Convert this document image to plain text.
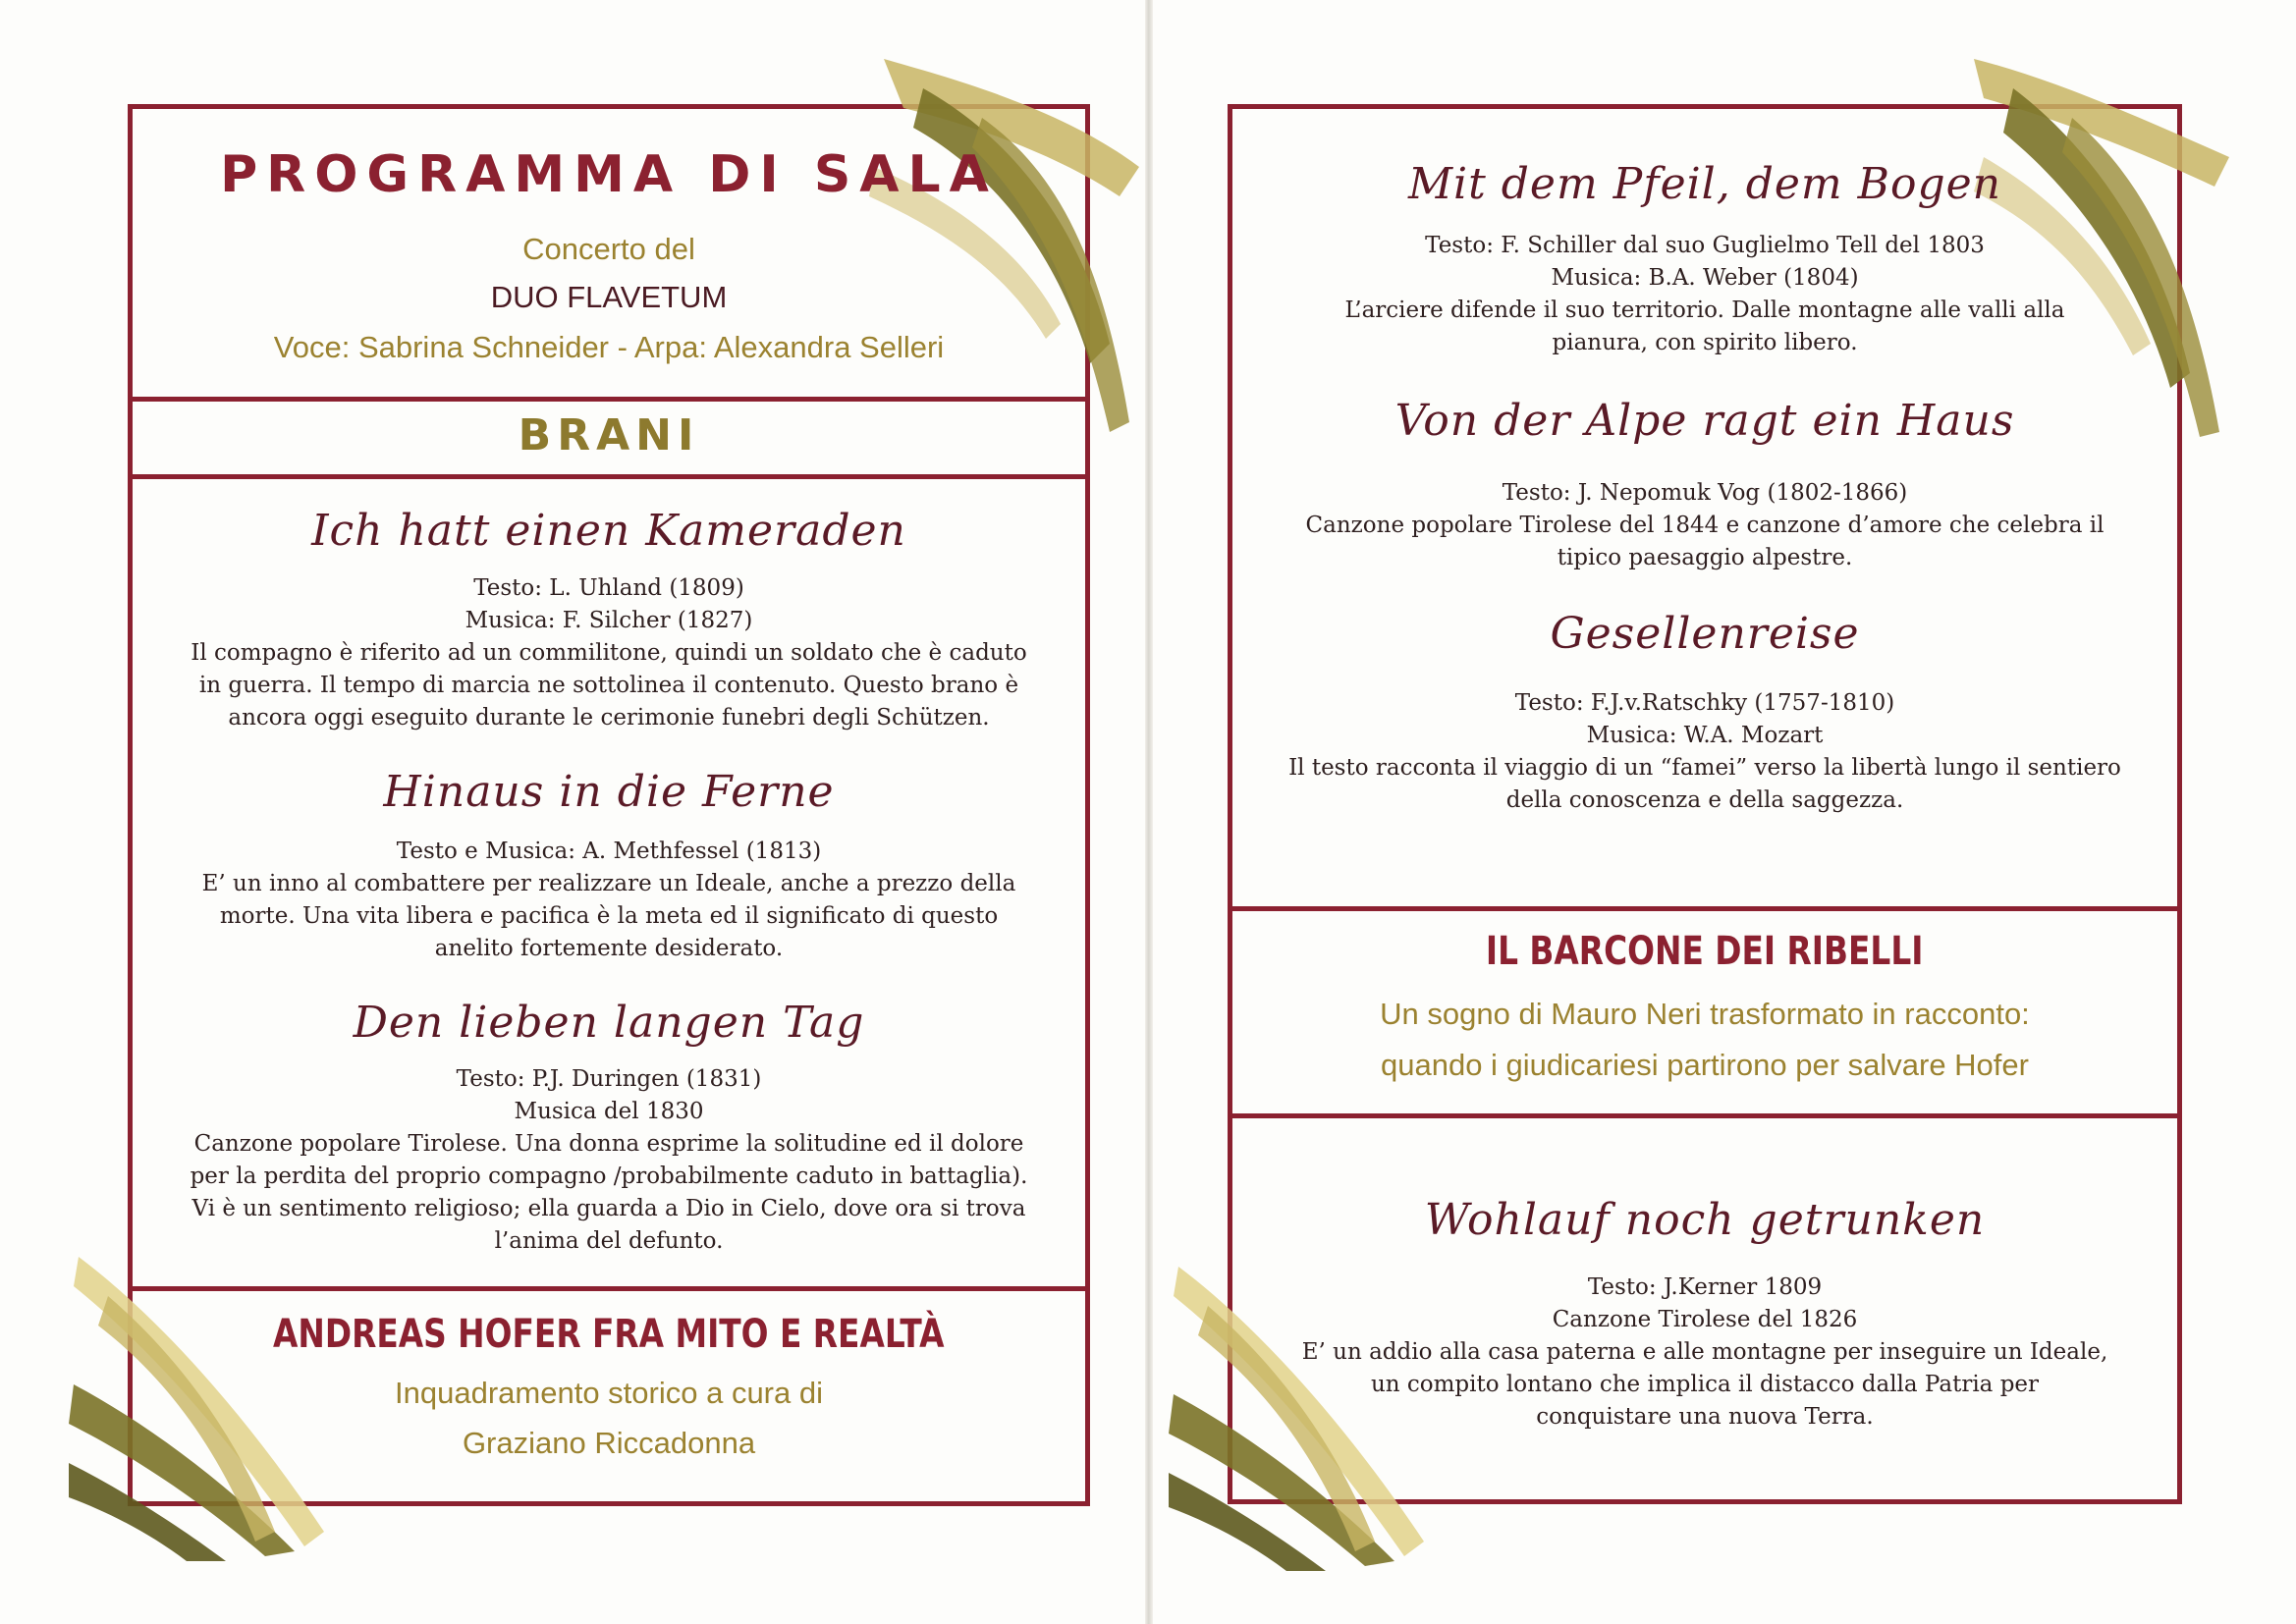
PROGRAMMA DI SALA
Concerto del
DUO FLAVETUM
Voce: Sabrina Schneider - Arpa: Alexandra Selleri
BRANI
Ich hatt einen Kameraden
Testo: L. Uhland (1809)
Musica: F. Silcher (1827)
Il compagno è riferito ad un commilitone, quindi un soldato che è caduto
in guerra. Il tempo di marcia ne sottolinea il contenuto. Questo brano è
ancora oggi eseguito durante le cerimonie funebri degli Schützen.
Hinaus in die Ferne
Testo e Musica: A. Methfessel (1813)
E’ un inno al combattere per realizzare un Ideale, anche a prezzo della
morte. Una vita libera e pacifica è la meta ed il significato di questo
anelito fortemente desiderato.
Den lieben langen Tag
Testo: P.J. Duringen (1831)
Musica del 1830
Canzone popolare Tirolese. Una donna esprime la solitudine ed il dolore
per la perdita del proprio compagno /probabilmente caduto in battaglia).
Vi è un sentimento religioso; ella guarda a Dio in Cielo, dove ora si trova
l’anima del defunto.
ANDREAS HOFER FRA MITO E REALTÀ
Inquadramento storico a cura di
Graziano Riccadonna
Mit dem Pfeil, dem Bogen
Testo: F. Schiller dal suo Guglielmo Tell del 1803
Musica: B.A. Weber (1804)
L’arciere difende il suo territorio. Dalle montagne alle valli alla
pianura, con spirito libero.
Von der Alpe ragt ein Haus
Testo: J. Nepomuk Vog (1802-1866)
Canzone popolare Tirolese del 1844 e canzone d’amore che celebra il
tipico paesaggio alpestre.
Gesellenreise
Testo: F.J.v.Ratschky (1757-1810)
Musica: W.A. Mozart
Il testo racconta il viaggio di un “famei” verso la libertà lungo il sentiero
della conoscenza e della saggezza.
IL BARCONE DEI RIBELLI
Un sogno di Mauro Neri trasformato in racconto:
quando i giudicariesi partirono per salvare Hofer
Wohlauf noch getrunken
Testo: J.Kerner 1809
Canzone Tirolese del 1826
E’ un addio alla casa paterna e alle montagne per inseguire un Ideale,
un compito lontano che implica il distacco dalla Patria per
conquistare una nuova Terra.
